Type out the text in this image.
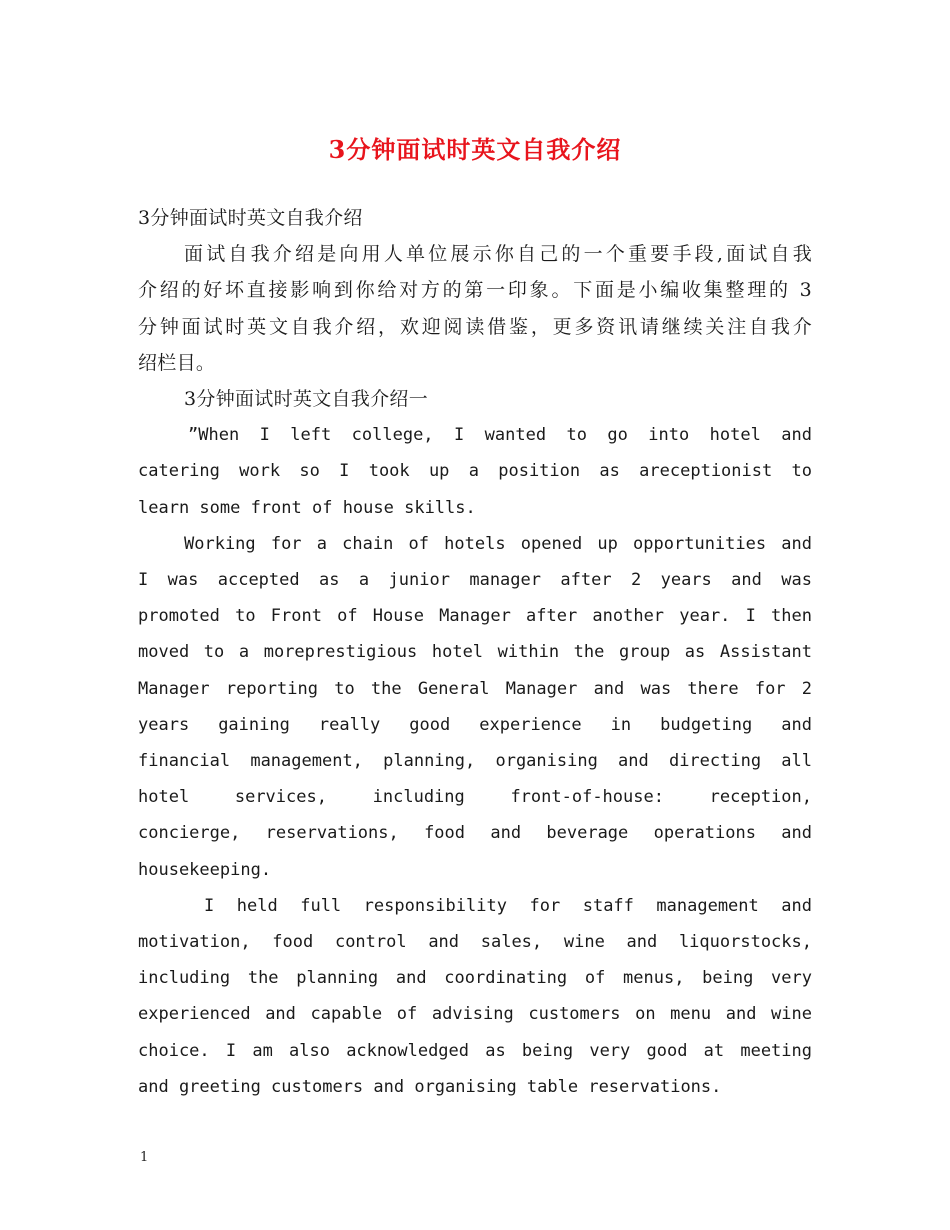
3分钟面试时英文自我介绍
3分钟面试时英文自我介绍
面试自我介绍是向用人单位展示你自己的一个重要手段,面试自我
介绍的好坏直接影响到你给对方的第一印象。下面是小编收集整理的 3
分钟面试时英文自我介绍，欢迎阅读借鉴，更多资讯请继续关注自我介
绍栏目。
3分钟面试时英文自我介绍一
”When I left college, I wanted to go into hotel and
catering work so I took up a position as areceptionist to
learn some front of house skills.
Working for a chain of hotels opened up opportunities and
I was accepted as a junior manager after 2 years and was
promoted to Front of House Manager after another year. I then
moved to a moreprestigious hotel within the group as Assistant
Manager reporting to the General Manager and was there for 2
years gaining really good experience in budgeting and
financial management, planning, organising and directing all
hotel services, including front-of-house: reception,
concierge, reservations, food and beverage operations and
housekeeping.
I held full responsibility for staff management and
motivation, food control and sales, wine and liquorstocks,
including the planning and coordinating of menus, being very
experienced and capable of advising customers on menu and wine
choice. I am also acknowledged as being very good at meeting
and greeting customers and organising table reservations.
1
